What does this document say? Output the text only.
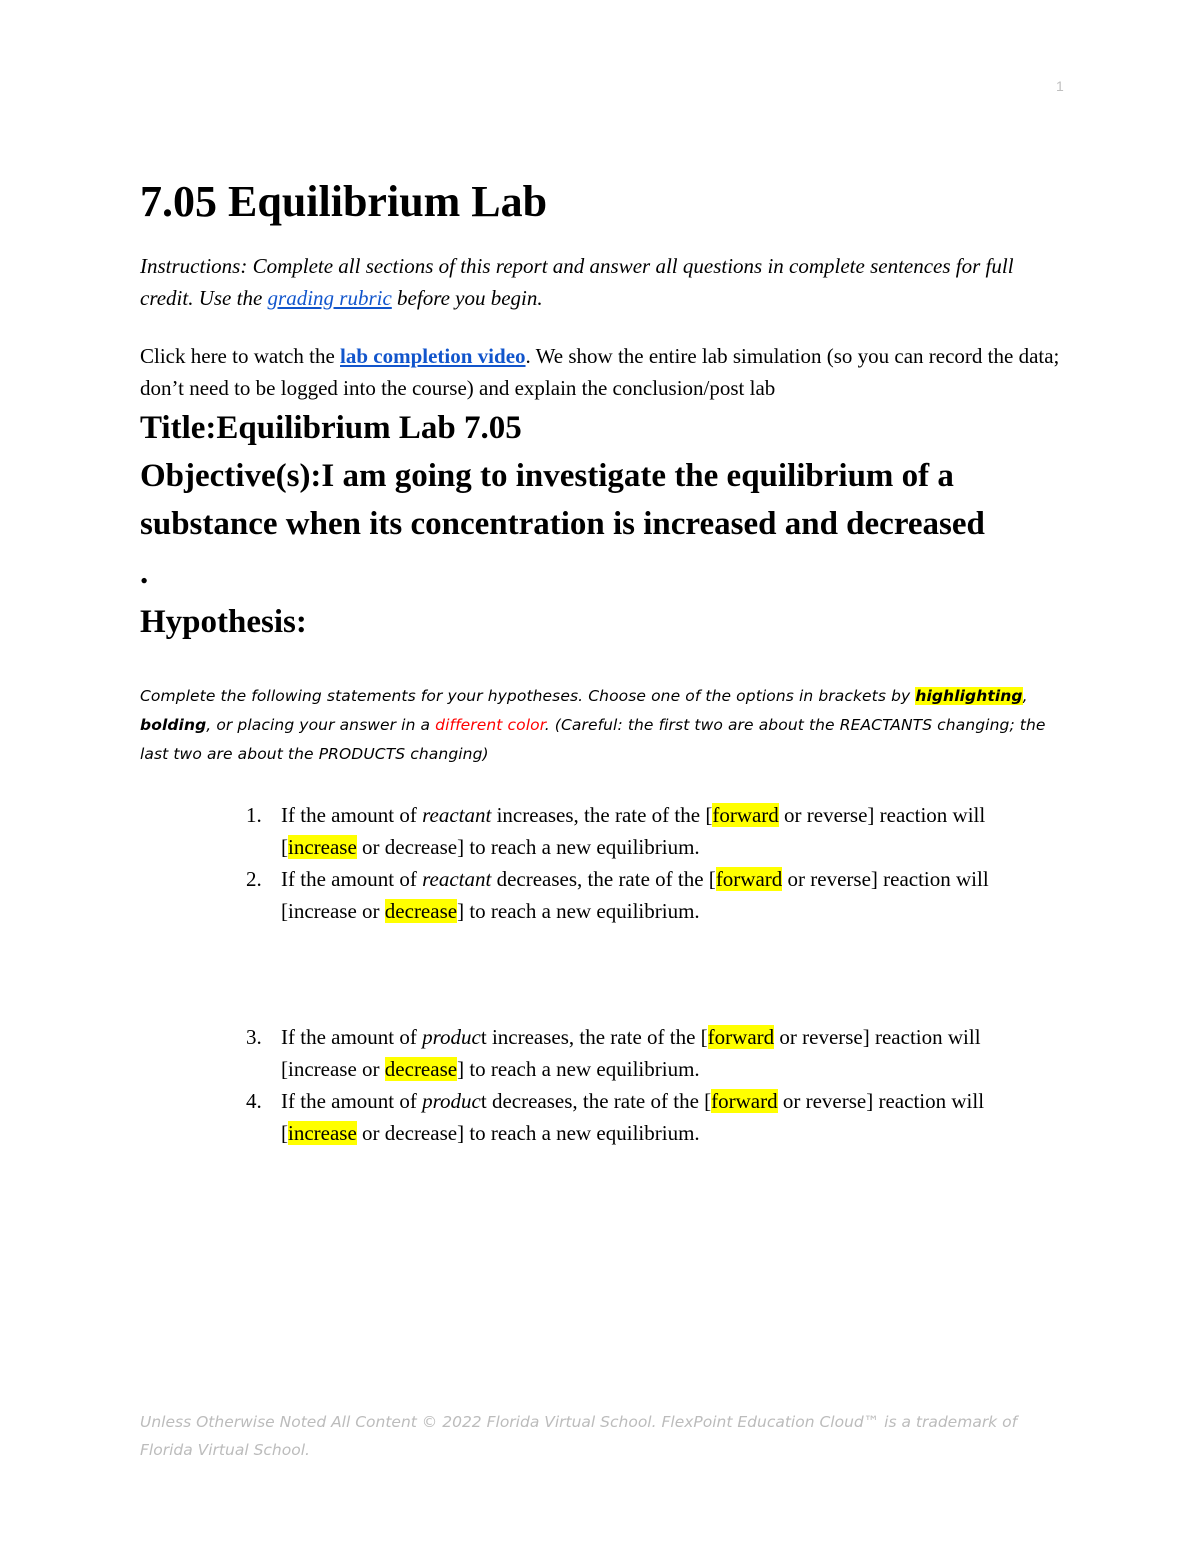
1
7.05 Equilibrium Lab

Instructions: Complete all sections of this report and answer all questions in complete sentences for full credit. Use the grading rubric before you begin.

Click here to watch the lab completion video. We show the entire lab simulation (so you can record the data; don’t need to be logged into the course) and explain the conclusion/post lab

Title:Equilibrium Lab 7.05
Objective(s):I am going to investigate the equilibrium of a substance when its concentration is increased and decreased

.

Hypothesis:

Complete the following statements for your hypotheses. Choose one of the options in brackets by highlighting, bolding, or placing your answer in a different color. (Careful: the first two are about the REACTANTS changing; the last two are about the PRODUCTS changing)

1. If the amount of reactant increases, the rate of the [forward or reverse] reaction will [increase or decrease] to reach a new equilibrium.
2. If the amount of reactant decreases, the rate of the [forward or reverse] reaction will [increase or decrease] to reach a new equilibrium.
3. If the amount of product increases, the rate of the [forward or reverse] reaction will [increase or decrease] to reach a new equilibrium.
4. If the amount of product decreases, the rate of the [forward or reverse] reaction will [increase or decrease] to reach a new equilibrium.
Unless Otherwise Noted All Content © 2022 Florida Virtual School. FlexPoint Education Cloud™ is a trademark of Florida Virtual School.
